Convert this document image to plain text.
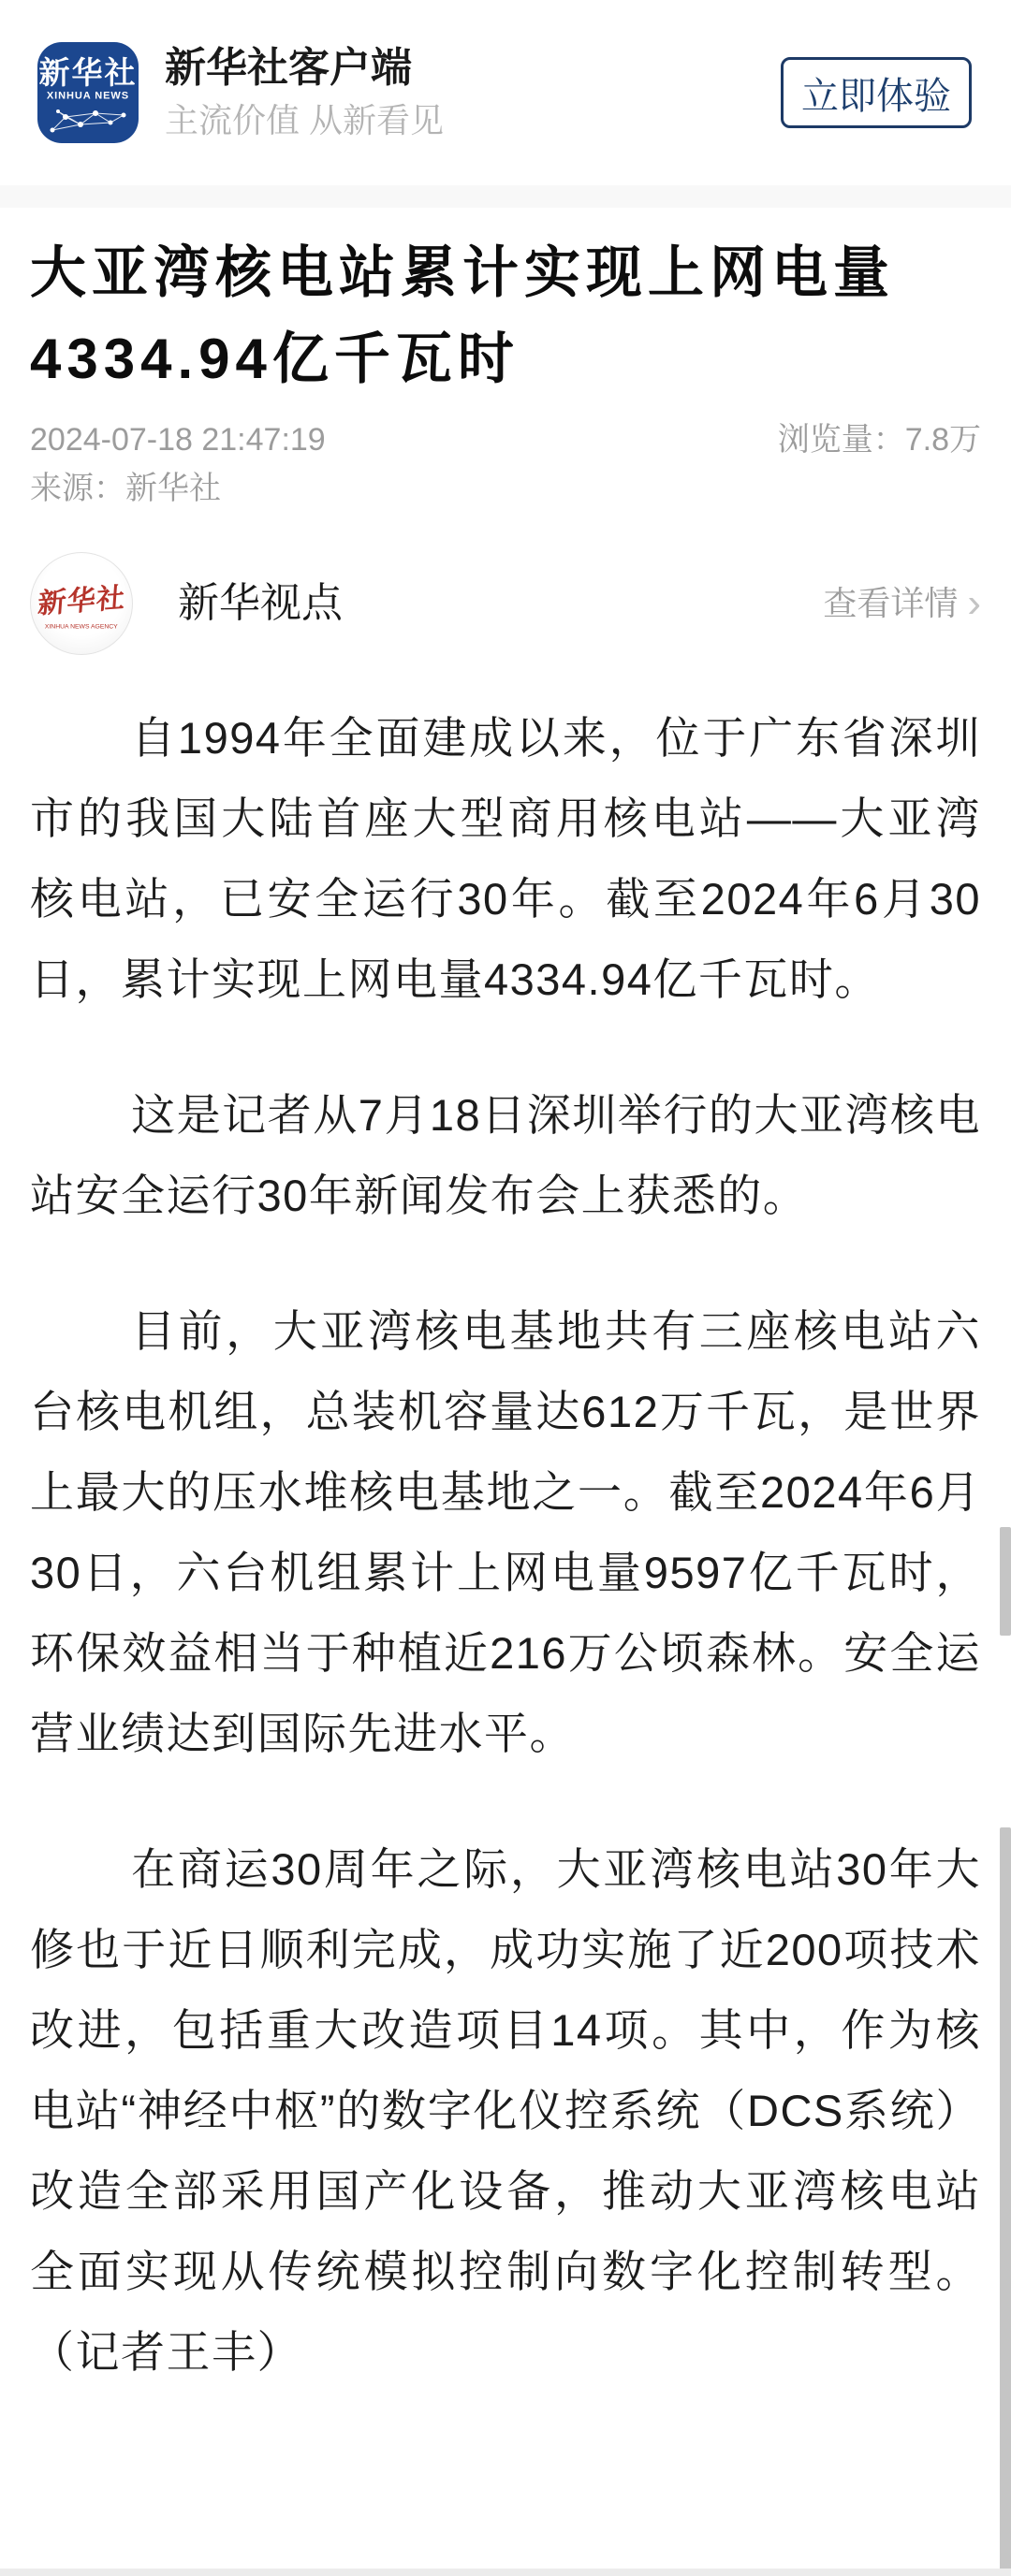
新华社
XINHUA NEWS
新华社客户端
主流价值 从新看见
立即体验
大亚湾核电站累计实现上网电量4334.94亿千瓦时
2024-07-18 21:47:19	浏览量：7.8万
来源：新华社
新华社
XINHUA NEWS AGENCY 新华视点	查看详情 ›

自1994年全面建成以来，位于广东省深圳市的我国大陆首座大型商用核电站——大亚湾核电站，已安全运行30年。截至2024年6月30日，累计实现上网电量4334.94亿千瓦时。

这是记者从7月18日深圳举行的大亚湾核电站安全运行30年新闻发布会上获悉的。

目前，大亚湾核电基地共有三座核电站六台核电机组，总装机容量达612万千瓦，是世界上最大的压水堆核电基地之一。截至2024年6月30日，六台机组累计上网电量9597亿千瓦时，环保效益相当于种植近216万公顷森林。安全运营业绩达到国际先进水平。

在商运30周年之际，大亚湾核电站30年大修也于近日顺利完成，成功实施了近200项技术改进，包括重大改造项目14项。其中，作为核电站“神经中枢”的数字化仪控系统（DCS系统）改造全部采用国产化设备，推动大亚湾核电站全面实现从传统模拟控制向数字化控制转型。（记者王丰）
